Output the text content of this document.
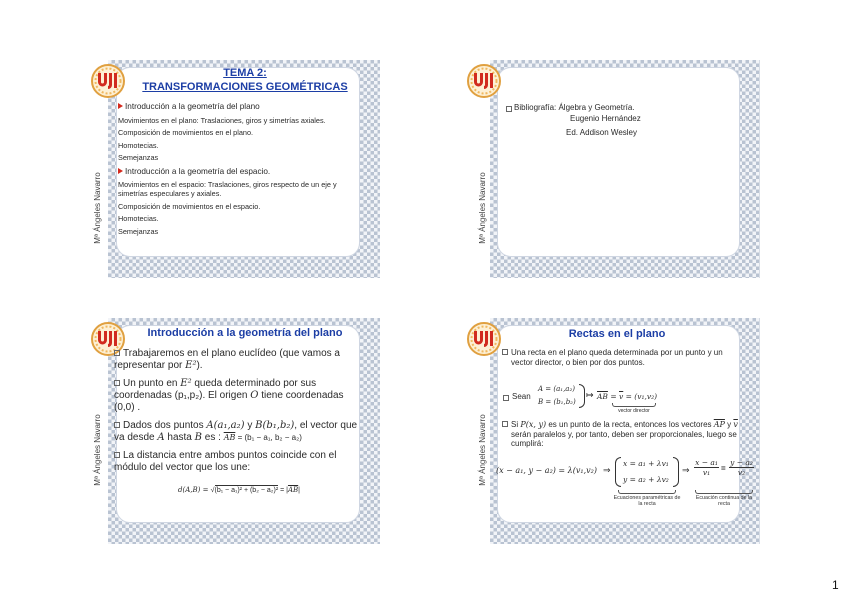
Mª Ángeles Navarro
TEMA 2:
TRANSFORMACIONES GEOMÉTRICAS
Introducción a la geometría del plano
Movimientos en el plano: Traslaciones, giros y simetrías axiales.
Composición de movimientos en el plano.
Homotecias.
Semejanzas
Introducción a la geometría del espacio.
Movimientos en el espacio: Traslaciones, giros respecto de un eje y simetrías especulares y axiales.
Composición de movimientos en el espacio.
Homotecias.
Semejanzas	Mª Ángeles Navarro
Bibliografía: Álgebra y Geometría.
Eugenio Hernández
Ed. Addison Wesley
Mª Ángeles Navarro
Introducción a la geometría del plano

Trabajaremos en el plano euclídeo (que vamos a representar por E²).

Un punto en E² queda determinado por sus coordenadas (p₁,p₂). El origen O tiene coordenadas (0,0) .

Dados dos puntos A(a₁,a₂) y B(b₁,b₂), el vector que va desde A hasta B es : $\overline{AB} = (b_1 - a_1$, b₂ − a₂)

La distancia entre ambos puntos coincide con el módulo del vector que los une:

$d(A,B) = √(b_1 - a_1)^2 + (b_2 - a_2)^2 = |\overline{AB}|$
Mª Ángeles Navarro
Rectas en el plano
Una recta en el plano queda determinada por un punto y un vector director, o bien por dos puntos.
Sean
A = (a₁,a₂)
B = (b₁,b₂)
↦ $\overline{AB} = \overline{v} = (v_1,v_2)$
vector director
Si P(x, y) es un punto de la recta, entonces los vectores $\overline{AP}$ y $\overline{v}$ serán paralelos y, por tanto, deben ser proporcionales, luego se cumplirá:
(x − a₁, y − a₂) = λ(v₁,v₂) ⇒
x = a₁ + λv₁
y = a₂ + λv₂
Ecuaciones paramétricas de la recta
⇒ $\frac{\text{x − a₁}}{\text{v₁}} = \frac{\text{y − a₂}}{\text{v₂}}$
Ecuación continua de la recta
1
